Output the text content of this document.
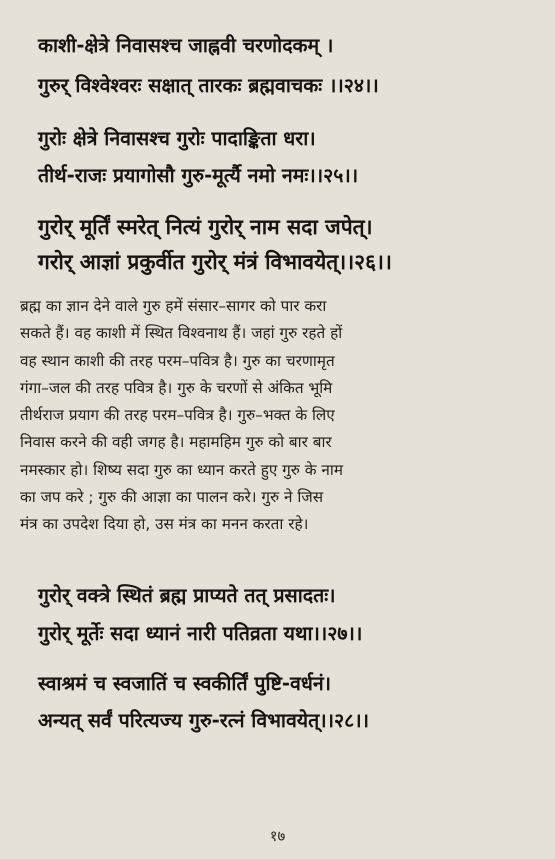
काशी-क्षेत्रे निवासश्च जाह्नवी चरणोदकम् ।

गुरुर् विश्वेश्वरः सक्षात् तारकः ब्रह्मवाचकः ।।२४।।

गुरोः क्षेत्रे निवासश्च गुरोः पादाङ्कि‍ता धरा।

तीर्थ-राजः प्रयागोसौ गुरु-मूर्त्यै नमो नमः।।२५।।

गुरोर् मूर्तिं स्मरेत् नित्यं गुरोर् नाम सदा जपेत्।

गरोर् आज्ञां प्रकुर्वीत गुरोर् मंत्रं विभावयेत्।।२६।।

ब्रह्म का ज्ञान देने वाले गुरु हमें संसार–सागर को पार करा
सकते हैं। वह काशी में स्थित विश्वनाथ हैं। जहां गुरु रहते हों
वह स्थान काशी की तरह परम–पवित्र है। गुरु का चरणामृत
गंगा–जल की तरह पवित्र है। गुरु के चरणों से अंकित भूमि
तीर्थराज प्रयाग की तरह परम–पवित्र है। गुरु–भक्त के लिए
निवास करने की वही जगह है। महामहिम गुरु को बार बार
नमस्कार हो। शिष्य सदा गुरु का ध्यान करते हुए गुरु के नाम
का जप करे ; गुरु की आज्ञा का पालन करे। गुरु ने जिस
मंत्र का उपदेश दिया हो, उस मंत्र का मनन करता रहे।

गुरोर् वक्त्रे स्थितं ब्रह्म प्राप्यते तत् प्रसादतः।

गुरोर् मूर्तेः सदा ध्यानं नारी पतिव्रता यथा।।२७।।

स्वाश्रमं च स्वजातिं च स्वकीर्तिं पुष्टि-वर्धनं।

अन्यत् सर्वं परित्यज्य गुरु-रत्नं विभावयेत्।।२८।।

१७
